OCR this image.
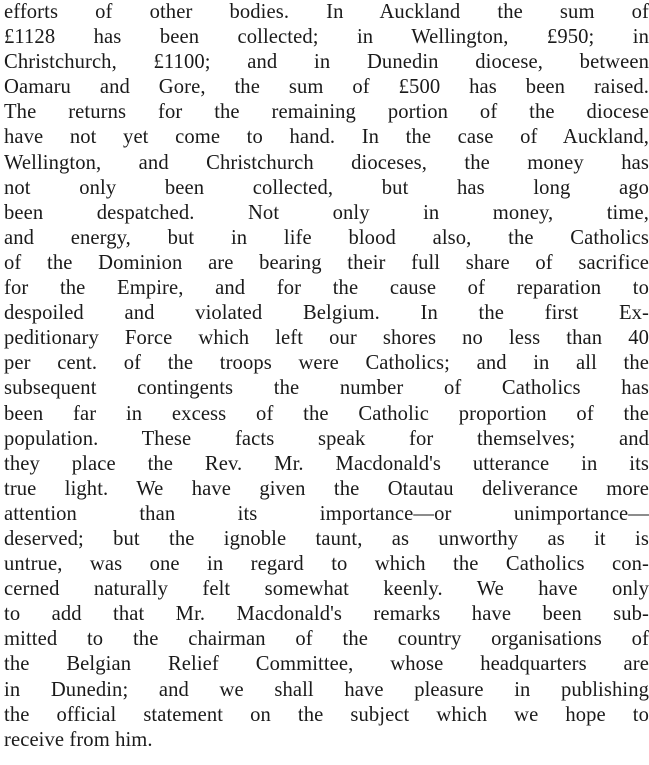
efforts of other bodies. In Auckland the sum of
£1128 has been collected; in Wellington, £950; in
Christchurch, £1100; and in Dunedin diocese, between
Oamaru and Gore, the sum of £500 has been raised.
The returns for the remaining portion of the diocese
have not yet come to hand. In the case of Auckland,
Wellington, and Christchurch dioceses, the money has
not only been collected, but has long ago
been despatched. Not only in money, time,
and energy, but in life blood also, the Catholics
of the Dominion are bearing their full share of sacrifice
for the Empire, and for the cause of reparation to
despoiled and violated Belgium. In the first Ex-
peditionary Force which left our shores no less than 40
per cent. of the troops were Catholics; and in all the
subsequent contingents the number of Catholics has
been far in excess of the Catholic proportion of the
population. These facts speak for themselves; and
they place the Rev. Mr. Macdonald's utterance in its
true light. We have given the Otautau deliverance more
attention than its importance—or unimportance—
deserved; but the ignoble taunt, as unworthy as it is
untrue, was one in regard to which the Catholics con-
cerned naturally felt somewhat keenly. We have only
to add that Mr. Macdonald's remarks have been sub-
mitted to the chairman of the country organisations of
the Belgian Relief Committee, whose headquarters are
in Dunedin; and we shall have pleasure in publishing
the official statement on the subject which we hope to
receive from him.
